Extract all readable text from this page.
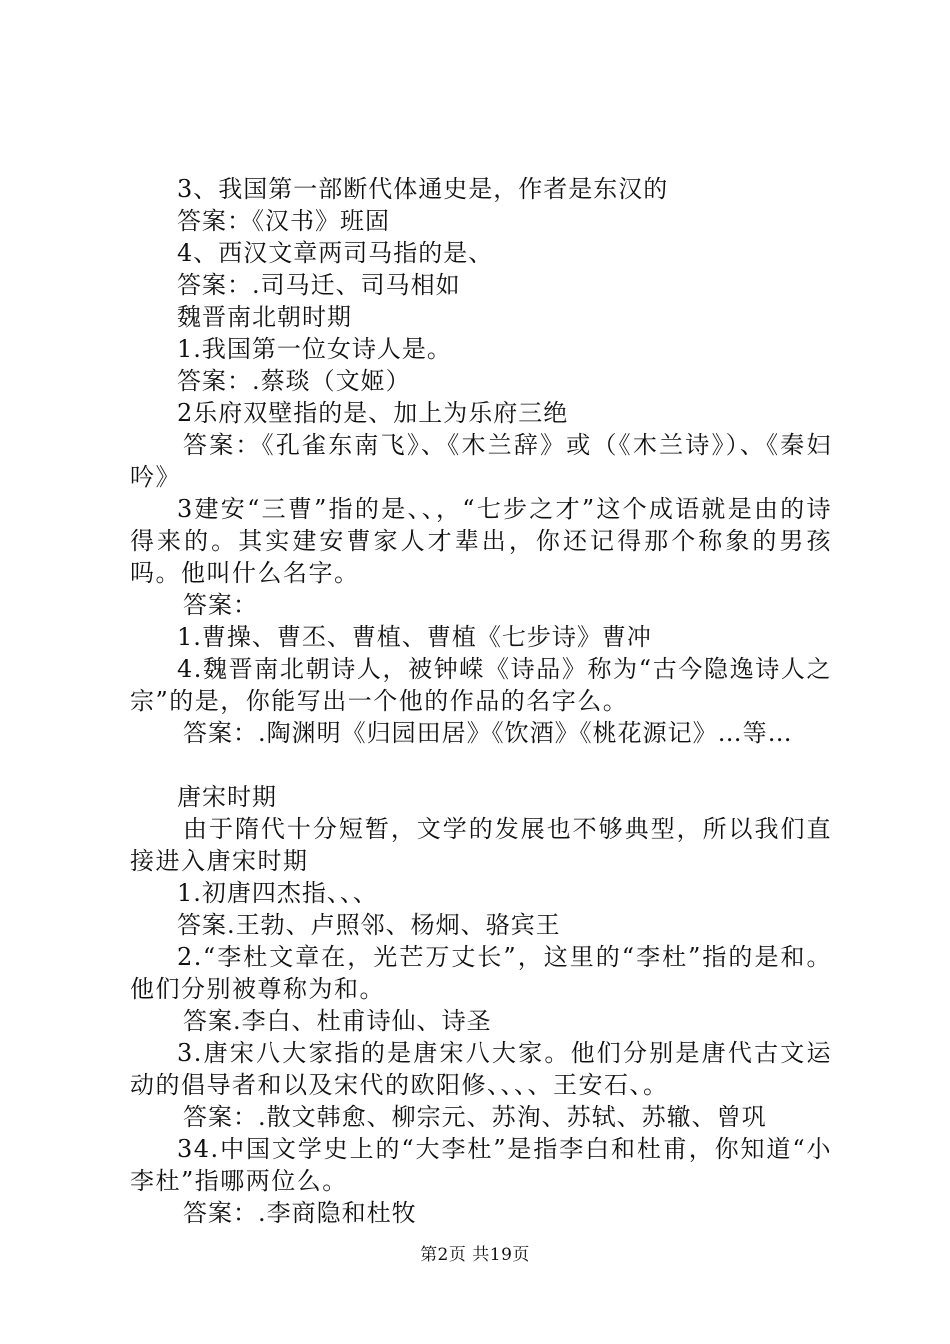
3、我国第一部断代体通史是，作者是东汉的
答案：《汉书》班固
4、西汉文章两司马指的是、
答案：.司马迁、司马相如
魏晋南北朝时期
1.我国第一位女诗人是。
答案：.蔡琰（文姬）
2乐府双壁指的是、加上为乐府三绝
答案：《孔雀东南飞》、《木兰辞》或（《木兰诗》）、《秦妇吟》
3建安“三曹”指的是、、，“七步之才”这个成语就是由的诗得来的。其实建安曹家人才辈出，你还记得那个称象的男孩吗。他叫什么名字。
答案：
1.曹操、曹丕、曹植、曹植《七步诗》曹冲
4.魏晋南北朝诗人，被钟嵘《诗品》称为“古今隐逸诗人之宗”的是，你能写出一个他的作品的名字么。
答案：.陶渊明《归园田居》《饮酒》《桃花源记》…等…
唐宋时期
由于隋代十分短暂，文学的发展也不够典型，所以我们直接进入唐宋时期
1.初唐四杰指、、、
答案.王勃、卢照邻、杨炯、骆宾王
2.“李杜文章在，光芒万丈长”，这里的“李杜”指的是和。他们分别被尊称为和。
答案.李白、杜甫诗仙、诗圣
3.唐宋八大家指的是唐宋八大家。他们分别是唐代古文运动的倡导者和以及宋代的欧阳修、、、、王安石、。
答案：.散文韩愈、柳宗元、苏洵、苏轼、苏辙、曾巩
34.中国文学史上的“大李杜”是指李白和杜甫，你知道“小李杜”指哪两位么。
答案：.李商隐和杜牧
第2页 共19页
